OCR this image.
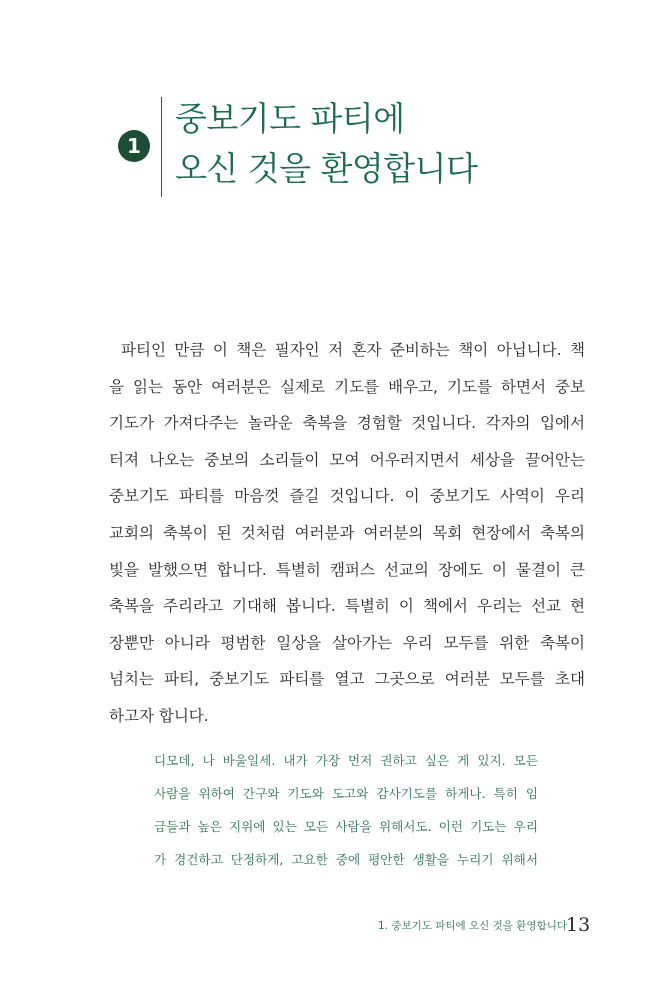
1
중보기도 파티에
오신 것을 환영합니다
파티인 만큼 이 책은 필자인 저 혼자 준비하는 책이 아닙니다. 책
을 읽는 동안 여러분은 실제로 기도를 배우고, 기도를 하면서 중보
기도가 가져다주는 놀라운 축복을 경험할 것입니다. 각자의 입에서
터져 나오는 중보의 소리들이 모여 어우러지면서 세상을 끌어안는
중보기도 파티를 마음껏 즐길 것입니다. 이 중보기도 사역이 우리
교회의 축복이 된 것처럼 여러분과 여러분의 목회 현장에서 축복의
빛을 발했으면 합니다. 특별히 캠퍼스 선교의 장에도 이 물결이 큰
축복을 주리라고 기대해 봅니다. 특별히 이 책에서 우리는 선교 현
장뿐만 아니라 평범한 일상을 살아가는 우리 모두를 위한 축복이
넘치는 파티, 중보기도 파티를 열고 그곳으로 여러분 모두를 초대
하고자 합니다.
디모데, 나 바울일세. 내가 가장 먼저 권하고 싶은 게 있지. 모든
사람을 위하여 간구와 기도와 도고와 감사기도를 하게나. 특히 임
금들과 높은 지위에 있는 모든 사람을 위해서도. 이런 기도는 우리
가 경건하고 단정하게, 고요한 중에 평안한 생활을 누리기 위해서
1. 중보기도 파티에 오신 것을 환영합니다 13
